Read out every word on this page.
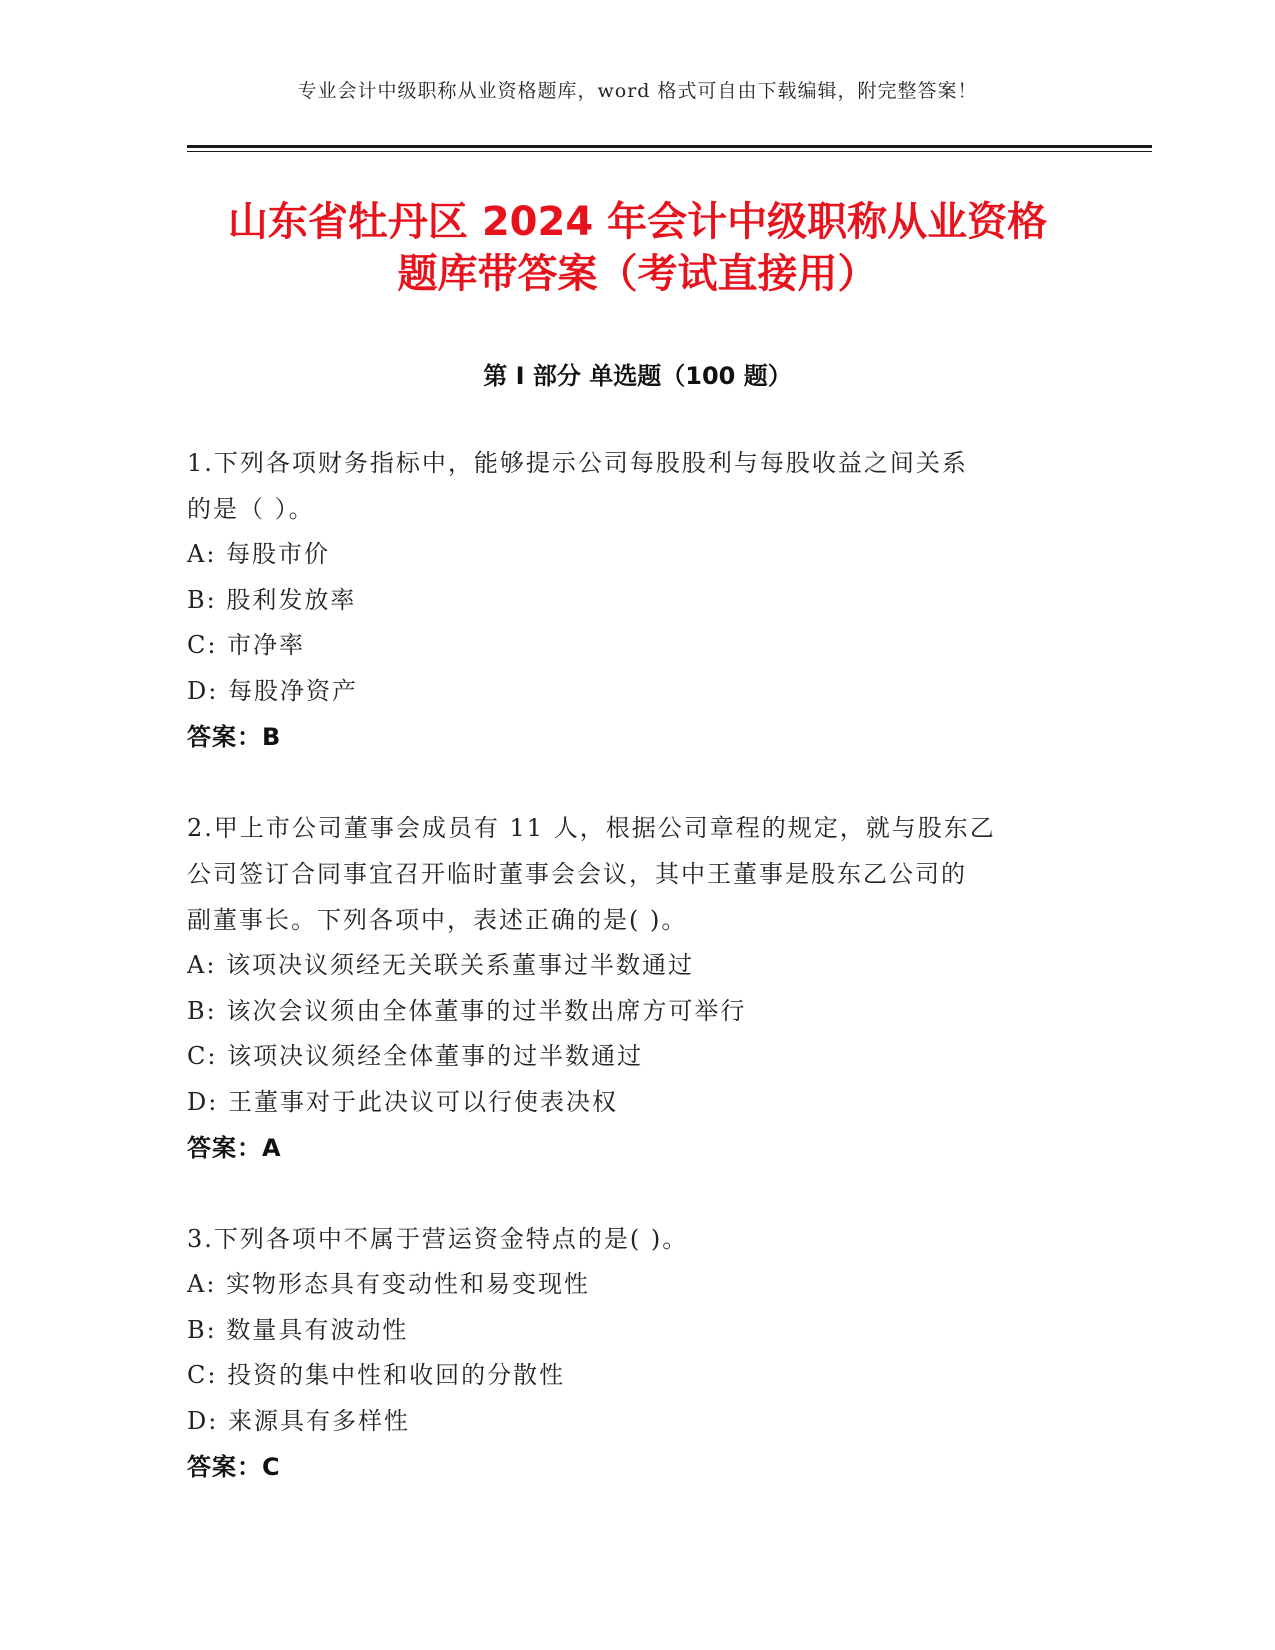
专业会计中级职称从业资格题库，word 格式可自由下载编辑，附完整答案！
山东省牡丹区 2024 年会计中级职称从业资格
题库带答案（考试直接用）
第 I 部分 单选题（100 题）
1.下列各项财务指标中，能够提示公司每股股利与每股收益之间关系
的是（ ）。
A: 每股市价
B: 股利发放率
C: 市净率
D: 每股净资产
答案：B
2.甲上市公司董事会成员有 11 人，根据公司章程的规定，就与股东乙
公司签订合同事宜召开临时董事会会议，其中王董事是股东乙公司的
副董事长。下列各项中，表述正确的是( )。
A: 该项决议须经无关联关系董事过半数通过
B: 该次会议须由全体董事的过半数出席方可举行
C: 该项决议须经全体董事的过半数通过
D: 王董事对于此决议可以行使表决权
答案：A
3.下列各项中不属于营运资金特点的是( )。
A: 实物形态具有变动性和易变现性
B: 数量具有波动性
C: 投资的集中性和收回的分散性
D: 来源具有多样性
答案：C
